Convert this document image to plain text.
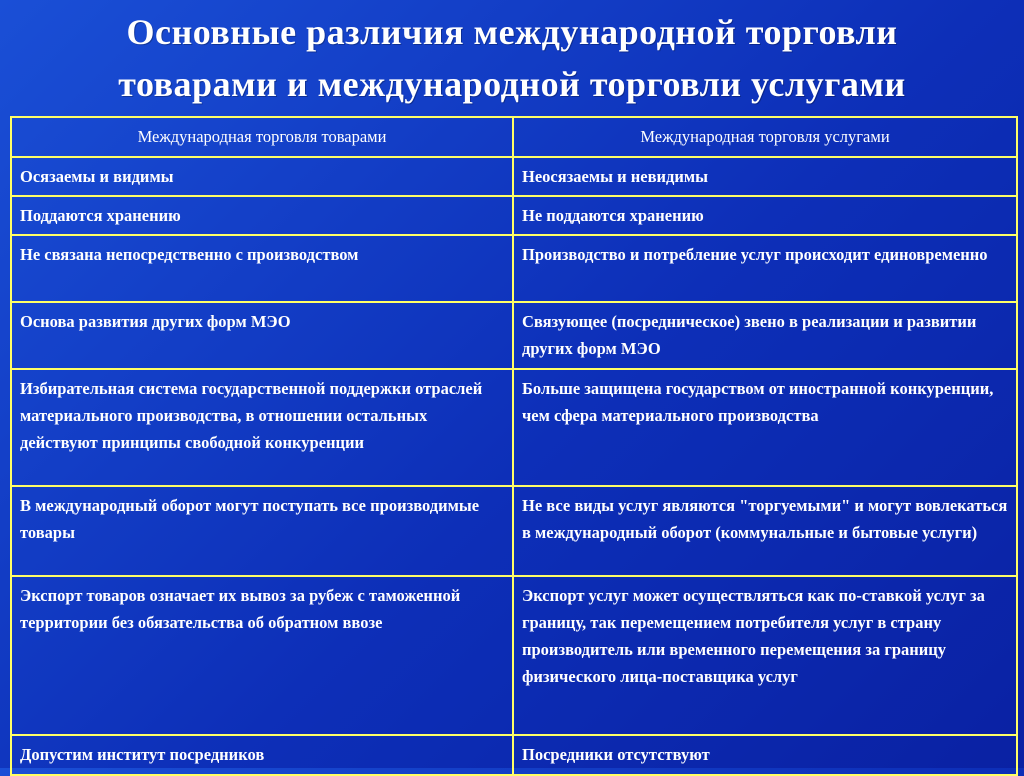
Основные различия международной торговли
товарами и международной торговли услугами
Международная торговля товарами	Международная торговля услугами
Осязаемы и видимы	Неосязаемы и невидимы
Поддаются хранению	Не поддаются хранению
Не связана непосредственно с производством	Производство и потребление услуг происходит единовременно
Основа развития других форм МЭО	Связующее (посредническое) звено в реализации и развитии других форм МЭО
Избирательная система государственной поддержки отраслей материального производства, в отношении остальных действуют принципы свободной конкуренции	Больше защищена государством от иностранной конкуренции, чем сфера материального производства
В международный оборот могут поступать все производимые товары	Не все виды услуг являются "торгуемыми" и могут вовлекаться в международный оборот (коммунальные и бытовые услуги)
Экспорт товаров означает их вывоз за рубеж с таможенной территории без обязательства об обратном ввозе	Экспорт услуг может осуществляться как по-ставкой услуг за границу, так перемещением потребителя услуг в страну производитель или временного перемещения за границу физического лица-поставщика услуг
Допустим институт посредников	Посредники отсутствуют
